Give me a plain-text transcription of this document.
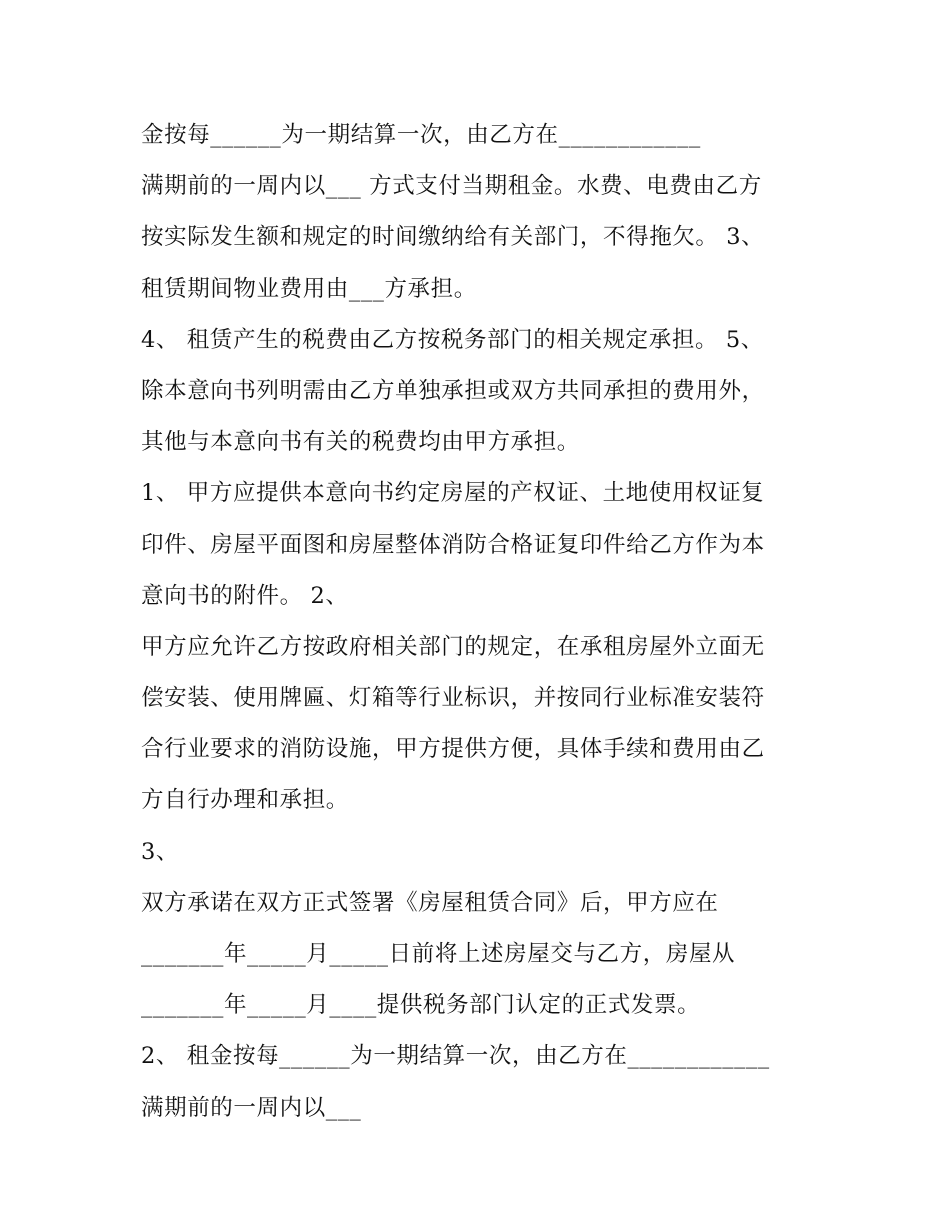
金按每______为一期结算一次，由乙方在____________
满期前的一周内以___ 方式支付当期租金。水费、电费由乙方
按实际发生额和规定的时间缴纳给有关部门，不得拖欠。 3、
租赁期间物业费用由___方承担。
4、 租赁产生的税费由乙方按税务部门的相关规定承担。 5、
除本意向书列明需由乙方单独承担或双方共同承担的费用外，
其他与本意向书有关的税费均由甲方承担。
1、 甲方应提供本意向书约定房屋的产权证、土地使用权证复
印件、房屋平面图和房屋整体消防合格证复印件给乙方作为本
意向书的附件。 2、
甲方应允许乙方按政府相关部门的规定，在承租房屋外立面无
偿安装、使用牌匾、灯箱等行业标识，并按同行业标准安装符
合行业要求的消防设施，甲方提供方便，具体手续和费用由乙
方自行办理和承担。
3、
双方承诺在双方正式签署《房屋租赁合同》后，甲方应在
_______年_____月_____日前将上述房屋交与乙方，房屋从
_______年_____月____提供税务部门认定的正式发票。
2、 租金按每______为一期结算一次，由乙方在____________
满期前的一周内以___
